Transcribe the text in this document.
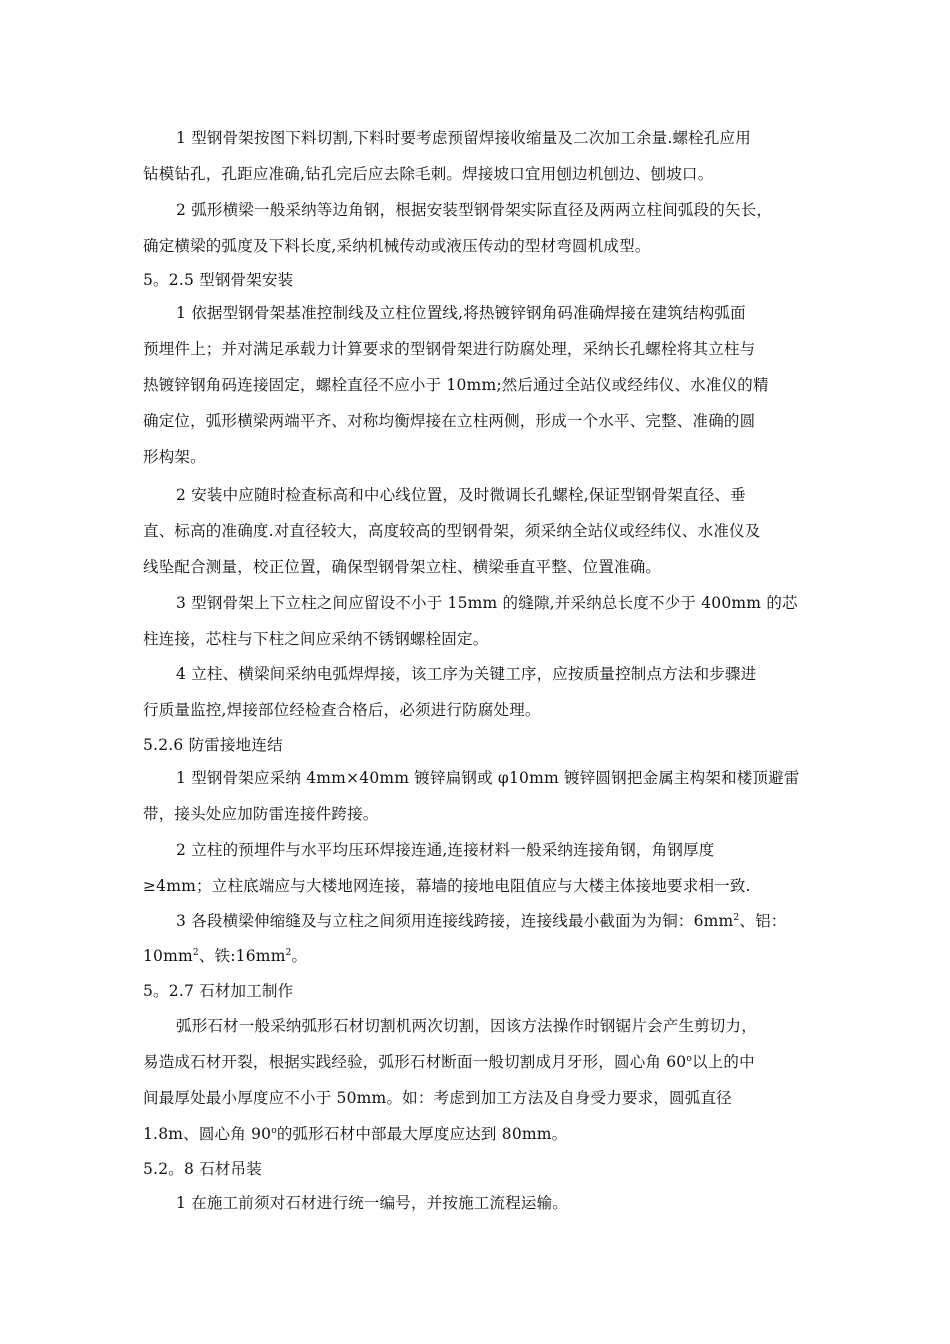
1 型钢骨架按图下料切割,下料时要考虑预留焊接收缩量及二次加工余量.螺栓孔应用
钻模钻孔，孔距应准确,钻孔完后应去除毛刺。焊接坡口宜用刨边机刨边、刨坡口。
2 弧形横梁一般采纳等边角钢，根据安装型钢骨架实际直径及两两立柱间弧段的矢长，
确定横梁的弧度及下料长度,采纳机械传动或液压传动的型材弯圆机成型。
5。2.5 型钢骨架安装
1 依据型钢骨架基准控制线及立柱位置线,将热镀锌钢角码准确焊接在建筑结构弧面
预埋件上；并对满足承载力计算要求的型钢骨架进行防腐处理，采纳长孔螺栓将其立柱与
热镀锌钢角码连接固定，螺栓直径不应小于 10mm;然后通过全站仪或经纬仪、水准仪的精
确定位，弧形横梁两端平齐、对称均衡焊接在立柱两侧，形成一个水平、完整、准确的圆
形构架。
2 安装中应随时检查标高和中心线位置，及时微调长孔螺栓,保证型钢骨架直径、垂
直、标高的准确度.对直径较大，高度较高的型钢骨架，须采纳全站仪或经纬仪、水准仪及
线坠配合测量，校正位置，确保型钢骨架立柱、横梁垂直平整、位置准确。
3 型钢骨架上下立柱之间应留设不小于 15mm 的缝隙,并采纳总长度不少于 400mm 的芯
柱连接，芯柱与下柱之间应采纳不锈钢螺栓固定。
4 立柱、横梁间采纳电弧焊焊接，该工序为关键工序，应按质量控制点方法和步骤进
行质量监控,焊接部位经检查合格后，必须进行防腐处理。
5.2.6 防雷接地连结
1 型钢骨架应采纳 4mm×40mm 镀锌扁钢或 φ10mm 镀锌圆钢把金属主构架和楼顶避雷
带，接头处应加防雷连接件跨接。
2 立柱的预埋件与水平均压环焊接连通,连接材料一般采纳连接角钢，角钢厚度
≥4mm；立柱底端应与大楼地网连接，幕墙的接地电阻值应与大楼主体接地要求相一致.
3 各段横梁伸缩缝及与立柱之间须用连接线跨接，连接线最小截面为为铜：$6mm^2$、铝：
$10mm^2$、铁$:16mm^2$。
5。2.7 石材加工制作
弧形石材一般采纳弧形石材切割机两次切割，因该方法操作时钢锯片会产生剪切力，
易造成石材开裂，根据实践经验，弧形石材断面一般切割成月牙形，圆心角 60$^o$以上的中
间最厚处最小厚度应不小于 50mm。如：考虑到加工方法及自身受力要求，圆弧直径
1.8m、圆心角 90$^o$的弧形石材中部最大厚度应达到 80mm。
5.2。8 石材吊装
1 在施工前须对石材进行统一编号，并按施工流程运输。
